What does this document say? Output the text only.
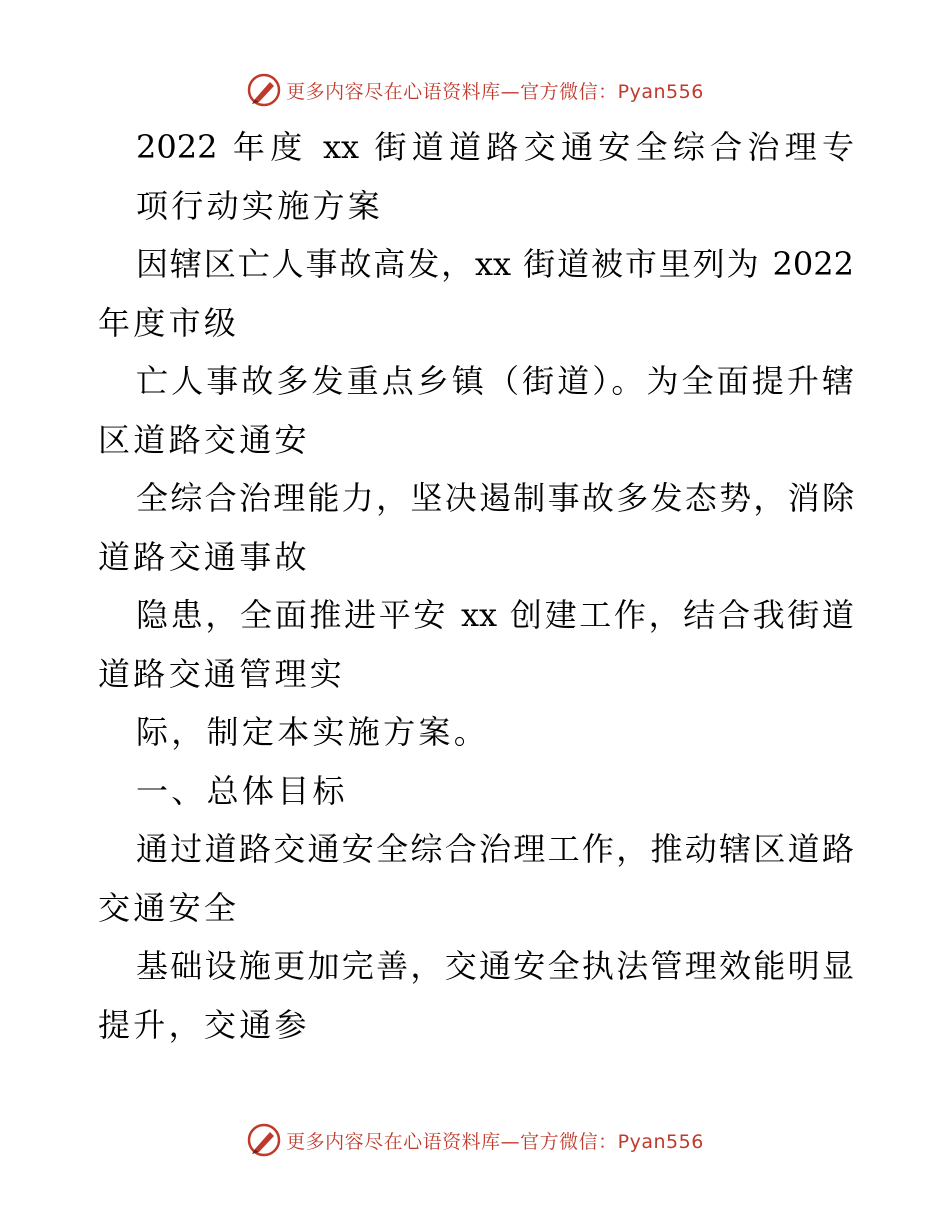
更多内容尽在心语资料库—官方微信：Pyan556
2022 年度 xx 街道道路交通安全综合治理专
项行动实施方案
因辖区亡人事故高发，xx 街道被市里列为 2022
年度市级
亡人事故多发重点乡镇（街道）。为全面提升辖
区道路交通安
全综合治理能力，坚决遏制事故多发态势，消除
道路交通事故
隐患，全面推进平安 xx 创建工作，结合我街道
道路交通管理实
际，制定本实施方案。
一、总体目标
通过道路交通安全综合治理工作，推动辖区道路
交通安全
基础设施更加完善，交通安全执法管理效能明显
提升，交通参
更多内容尽在心语资料库—官方微信：Pyan556
